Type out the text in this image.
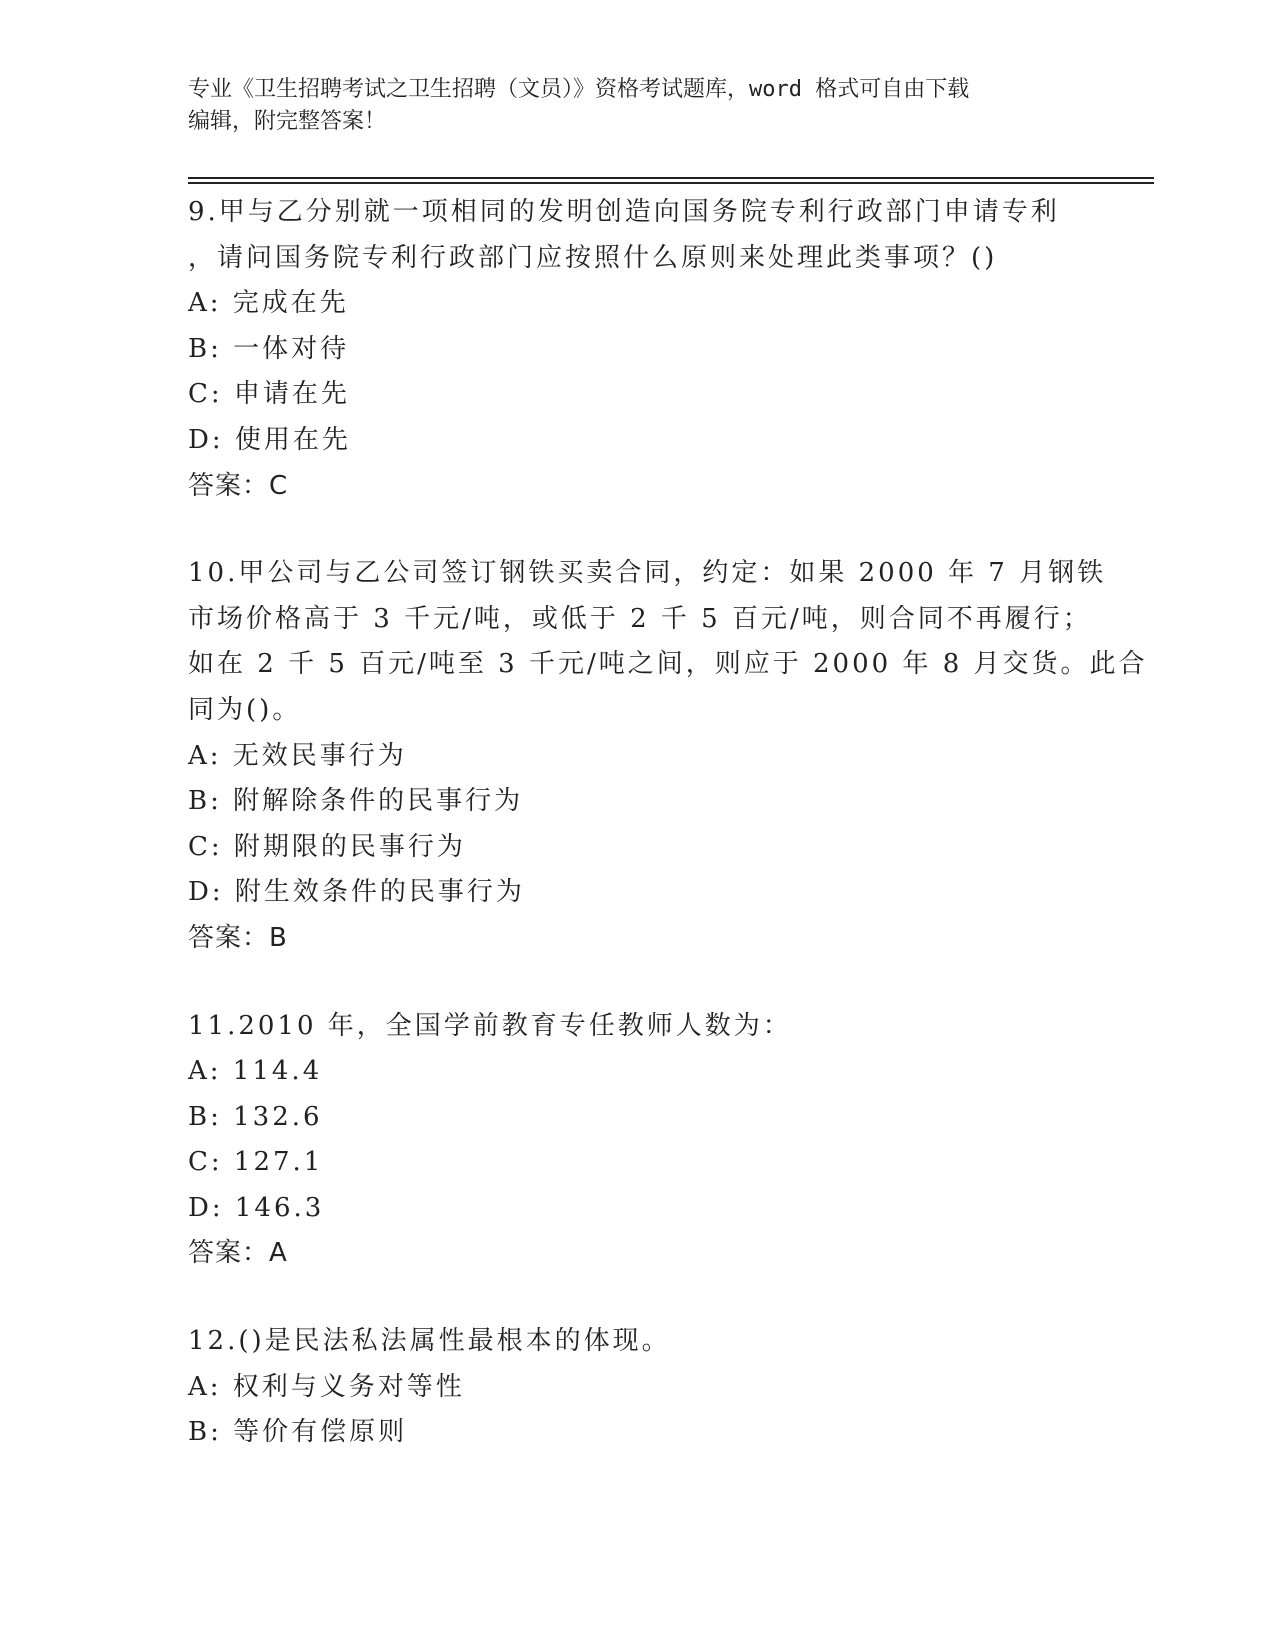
专业《卫生招聘考试之卫生招聘（文员）》资格考试题库，word 格式可自由下载
编辑，附完整答案！

9.甲与乙分别就一项相同的发明创造向国务院专利行政部门申请专利

，请问国务院专利行政部门应按照什么原则来处理此类事项？()

A: 完成在先

B: 一体对待

C: 申请在先

D: 使用在先

答案：C

10.甲公司与乙公司签订钢铁买卖合同，约定：如果 2000 年 7 月钢铁

市场价格高于 3 千元/吨，或低于 2 千 5 百元/吨，则合同不再履行；

如在 2 千 5 百元/吨至 3 千元/吨之间，则应于 2000 年 8 月交货。此合

同为()。

A: 无效民事行为

B: 附解除条件的民事行为

C: 附期限的民事行为

D: 附生效条件的民事行为

答案：B

11.2010 年，全国学前教育专任教师人数为：

A: 114.4

B: 132.6

C: 127.1

D: 146.3

答案：A

12.()是民法私法属性最根本的体现。

A: 权利与义务对等性

B: 等价有偿原则
